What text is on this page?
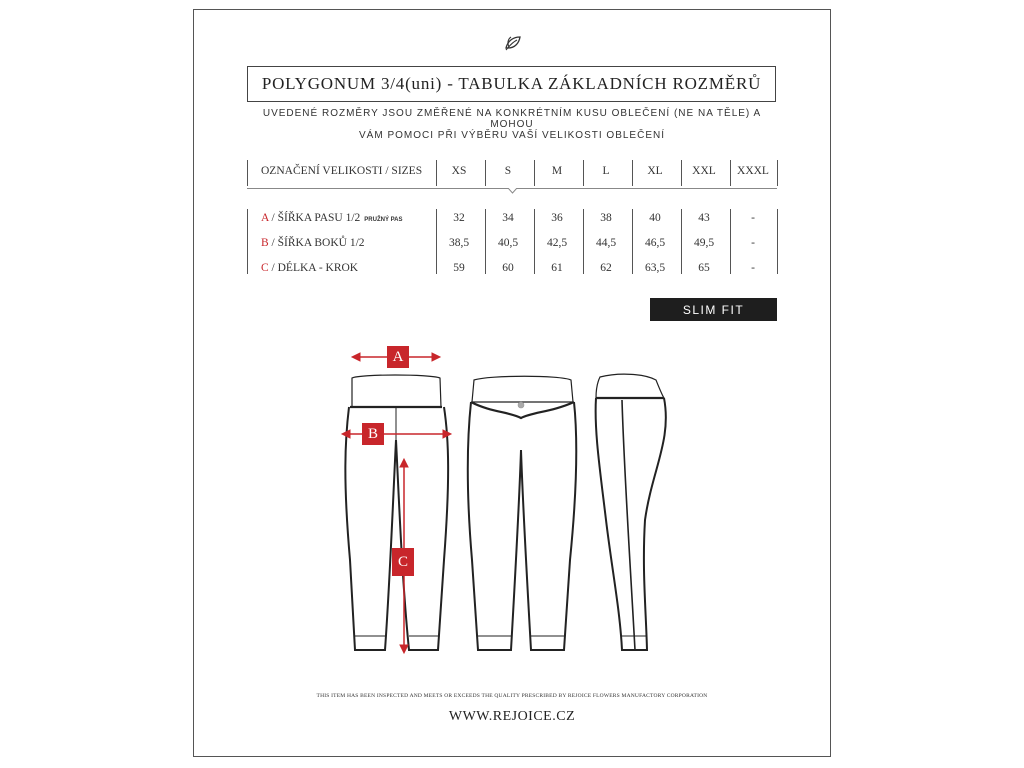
POLYGONUM 3/4(uni) - TABULKA ZÁKLADNÍCH ROZMĚRŮ
UVEDENÉ ROZMĚRY JSOU ZMĚŘENÉ NA KONKRÉTNÍM KUSU OBLEČENÍ (NE NA TĚLE) A MOHOU
VÁM POMOCI PŘI VÝBĚRU VAŠÍ VELIKOSTI OBLEČENÍ
OZNAČENÍ VELIKOSTI / SIZES	XS	S	M	L	XL	XXL	XXXL
A / ŠÍŘKA PASU 1/2 PRUŽNÝ PAS	32	34	36	38	40	43	-
B / ŠÍŘKA BOKŮ 1/2	38,5	40,5	42,5	44,5	46,5	49,5	-
C / DÉLKA - KROK	59	60	61	62	63,5	65	-
SLIM FIT
A
B
C
THIS ITEM HAS BEEN INSPECTED AND MEETS OR EXCEEDS THE QUALITY PRESCRIBED BY REJOICE FLOWERS MANUFACTORY CORPORATION
WWW.REJOICE.CZ
